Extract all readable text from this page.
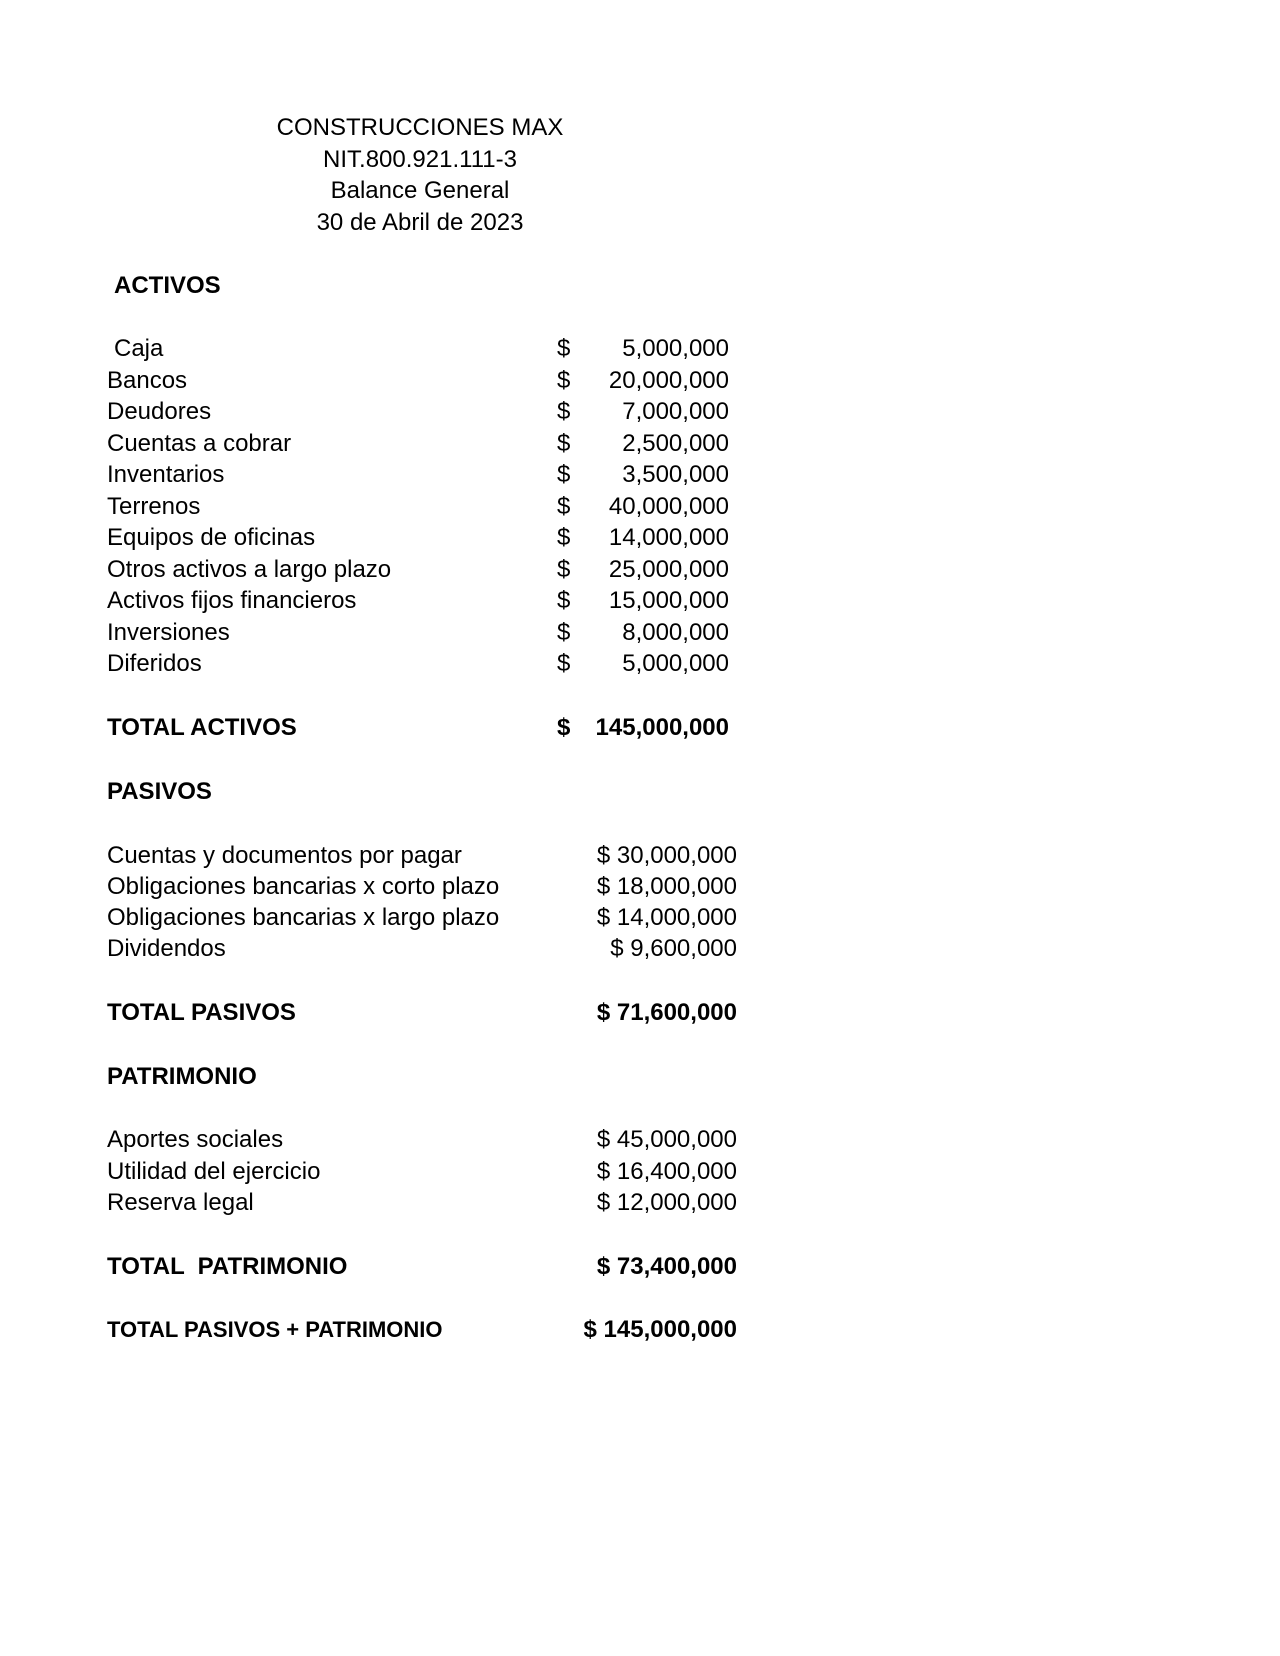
CONSTRUCCIONES MAX
NIT.800.921.111-3
Balance General
30 de Abril de 2023
ACTIVOS
Caja	$ 5,000,000
Bancos	$ 20,000,000
Deudores	$ 7,000,000
Cuentas a cobrar	$ 2,500,000
Inventarios	$ 3,500,000
Terrenos	$ 40,000,000
Equipos de oficinas	$ 14,000,000
Otros activos a largo plazo	$ 25,000,000
Activos fijos financieros	$ 15,000,000
Inversiones	$ 8,000,000
Diferidos	$ 5,000,000
TOTAL ACTIVOS	$ 145,000,000
PASIVOS
Cuentas y documentos por pagar	$ 30,000,000
Obligaciones bancarias x corto plazo	$ 18,000,000
Obligaciones bancarias x largo plazo	$ 14,000,000
Dividendos	$ 9,600,000
TOTAL PASIVOS	$ 71,600,000
PATRIMONIO
Aportes sociales	$ 45,000,000
Utilidad del ejercicio	$ 16,400,000
Reserva legal	$ 12,000,000
TOTAL  PATRIMONIO	$ 73,400,000
TOTAL PASIVOS + PATRIMONIO	$ 145,000,000
